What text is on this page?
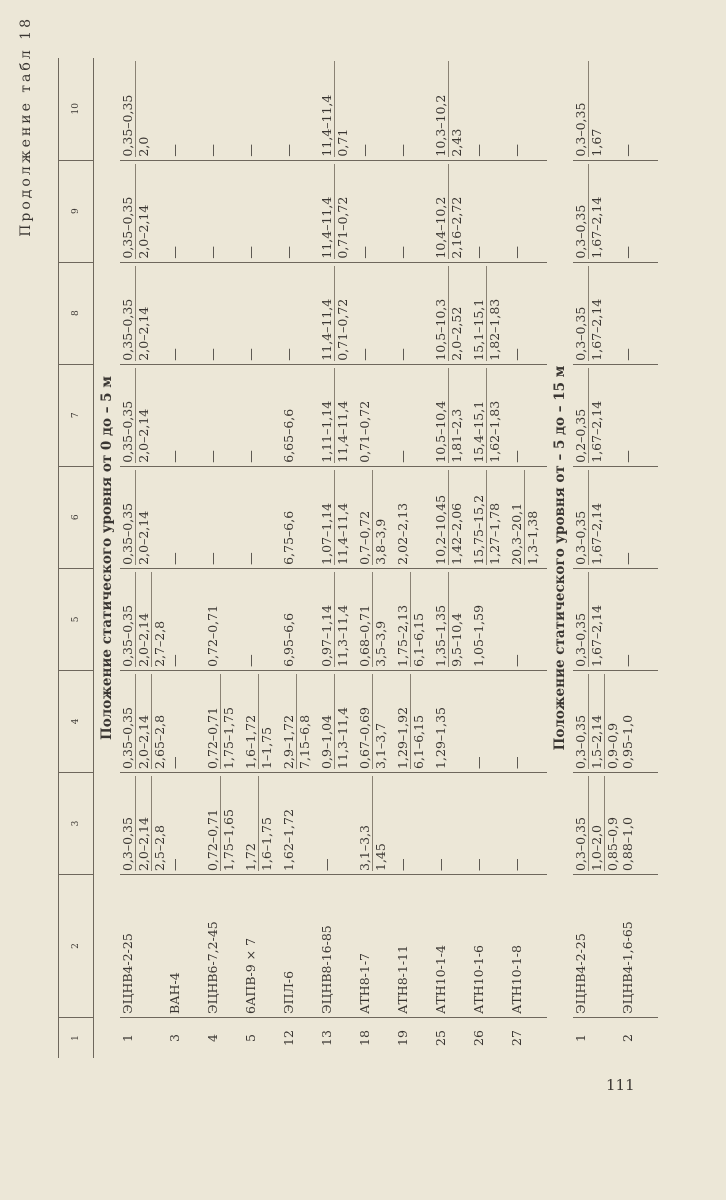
111
Продолжение табл 18
1	2	3	4	5	6	7	8	9	10
Положение статического уровня от 0 до – 5 м									
1	ЭЦНВ4-2-25	0,3–0,35 2,0–2,14 2,5–2,8	0,35–0,35 2,0–2,14 2,65–2,8	0,35–0,35 2,0–2,14 2,7–2,8	0,35–0,35 2,0–2,14	0,35–0,35 2,0–2,14	0,35–0,35 2,0–2,14	0,35–0,35 2,0–2,14	0,35–0,35 2,0

3	ВАН-4	—	—	—	—	—	—	—	—

4	ЭЦНВ6-7,2-45	0,72–0,71 1,75–1,65	0,72–0,71 1,75–1,75	0,72–0,71	—	—	—	—	—

5	6АПВ-9 × 7	1,72 1,6–1,75	1,6–1,72 1–1,75	—	—	—	—	—	—

12	ЭПЛ-6	1,62–1,72	2,9–1,72 7,15–6,8	6,95–6,6	6,75–6,6	6,65–6,6	—	—	—

13	ЭЦНВ8-16-85	—	0,9–1,04 11,3–11,4	0,97–1,14 11,3–11,4	1,07–1,14 11,4–11,4	1,11–1,14 11,4–11,4	11,4–11,4 0,71–0,72	11,4–11,4 0,71–0,72	11,4–11,4 0,71

18	АТН8-1-7	3,1–3,3 1,45	0,67–0,69 3,1–3,7	0,68–0,71 3,5–3,9	0,7–0,72 3,8–3,9	0,71–0,72	—	—	—

19	АТН8-1-11	—	1,29–1,92 6,1–6,15	1,75–2,13 6,1–6,15	2,02–2,13	—	—	—	—

25	АТН10-1-4	—	1,29–1,35	1,35–1,35 9,5–10,4	10,2–10,45 1,42–2,06	10,5–10,4 1,81–2,3	10,5–10,3 2,0–2,52	10,4–10,2 2,16–2,72	10,3–10,2 2,43

26	АТН10-1-6	—	—	1,05–1,59	15,75–15,2 1,27–1,78	15,4–15,1 1,62–1,83	15,1–15,1 1,82–1,83	—	—

27	АТН10-1-8	—	—	—	20,3–20,1 1,3–1,38	—	—	—	—

Положение статического уровня от – 5 до – 15 м									
1	ЭЦНВ4-2-25	0,3–0,35 1,0–2,0 0,85–0,9	0,3–0,35 1,5–2,14 0,9–0,9	0,3–0,35 1,67–2,14	0,3–0,35 1,67–2,14	0,2–0,35 1,67–2,14	0,3–0,35 1,67–2,14	0,3–0,35 1,67–2,14	0,3–0,35 1,67

2	ЭЦНВ4-1,6-65	0,88–1,0	0,95–1,0	—	—	—	—	—	—
